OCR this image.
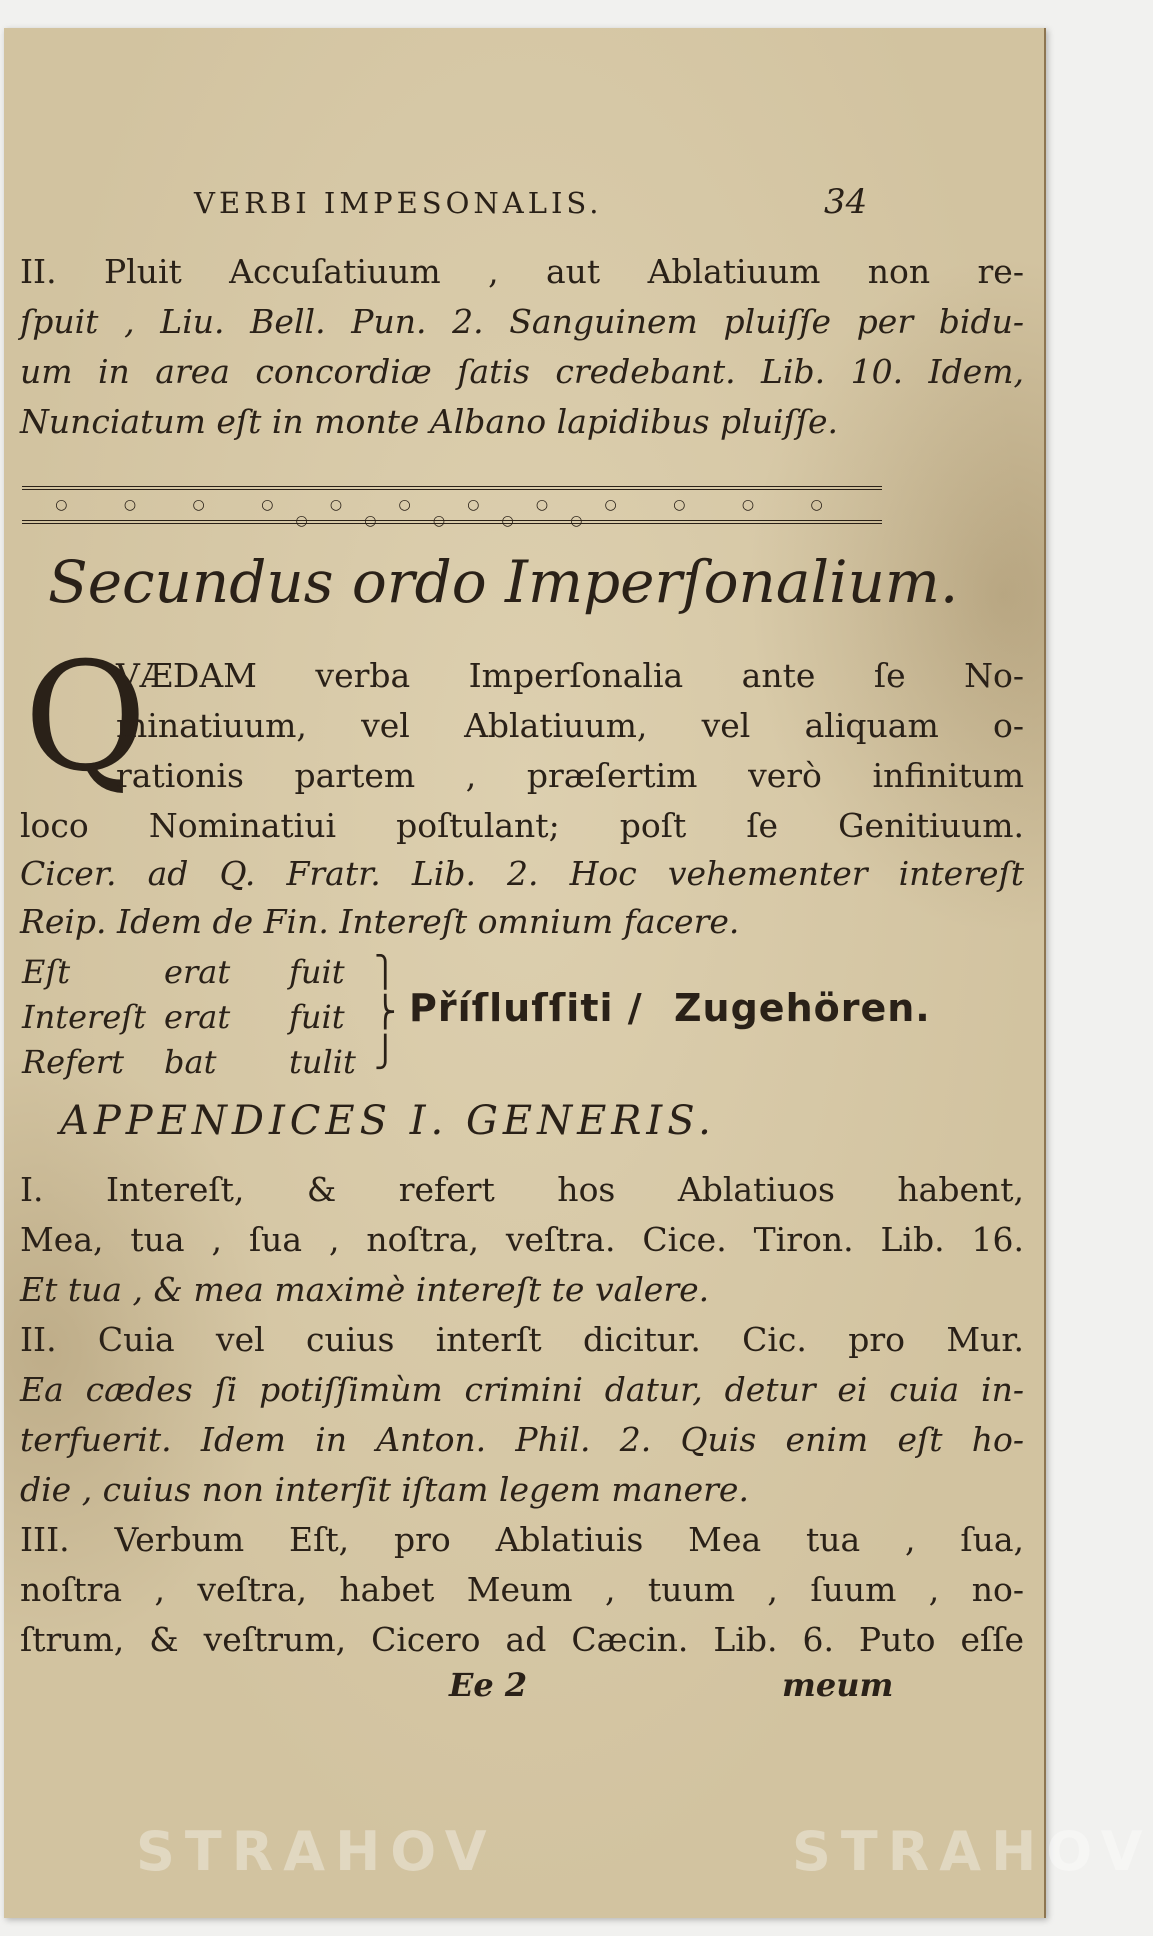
VERBI IMPESONALIS.	34
II. Pluit Accuſatiuum , aut Ablatiuum non re-
ſpuit , Liu. Bell. Pun. 2. Sanguinem pluiſſe per bidu-
um in area concordiæ ſatis credebant. Lib. 10. Idem,
Nunciatum eſt in monte Albano lapidibus pluiſſe.
○ ○ ○ ○ ○ ○ ○ ○ ○ ○ ○ ○ ○ ○ ○ ○ ○
Secundus ordo Imperſonalium.
Q
VÆDAM verba Imperſonalia ante ſe No-
minatiuum, vel Ablatiuum, vel aliquam o-
rationis partem , præſertim verò infinitum
loco Nominatiui poſtulant; poſt ſe Genitiuum.
Cicer. ad Q. Fratr. Lib. 2. Hoc vehementer intereſt
Reip. Idem de Fin. Intereſt omnium facere.
Eſt	erat fuit
Intereſt erat fuit
Refert bat tulit
⎫
⎬
⎭
Příſluſſiti / Zugehören.
APPENDICES I. GENERIS.
I. Intereſt, & refert hos Ablatiuos habent,
Mea, tua , ſua , noſtra, veſtra. Cice. Tiron. Lib. 16.
Et tua , & mea maximè intereſt te valere.
II. Cuia vel cuius interſt dicitur. Cic. pro Mur.
Ea cædes ſi potiſſimùm crimini datur, detur ei cuia in-
terfuerit. Idem in Anton. Phil. 2. Quis enim eſt ho-
die , cuius non interſit iſtam legem manere.
III. Verbum Eſt, pro Ablatiuis Mea tua , ſua,
noſtra , veſtra, habet Meum , tuum , ſuum , no-
ſtrum, & veſtrum, Cicero ad Cæcin. Lib. 6. Puto eſſe
Ee 2	meum
STRAHOV	STRAHOV
